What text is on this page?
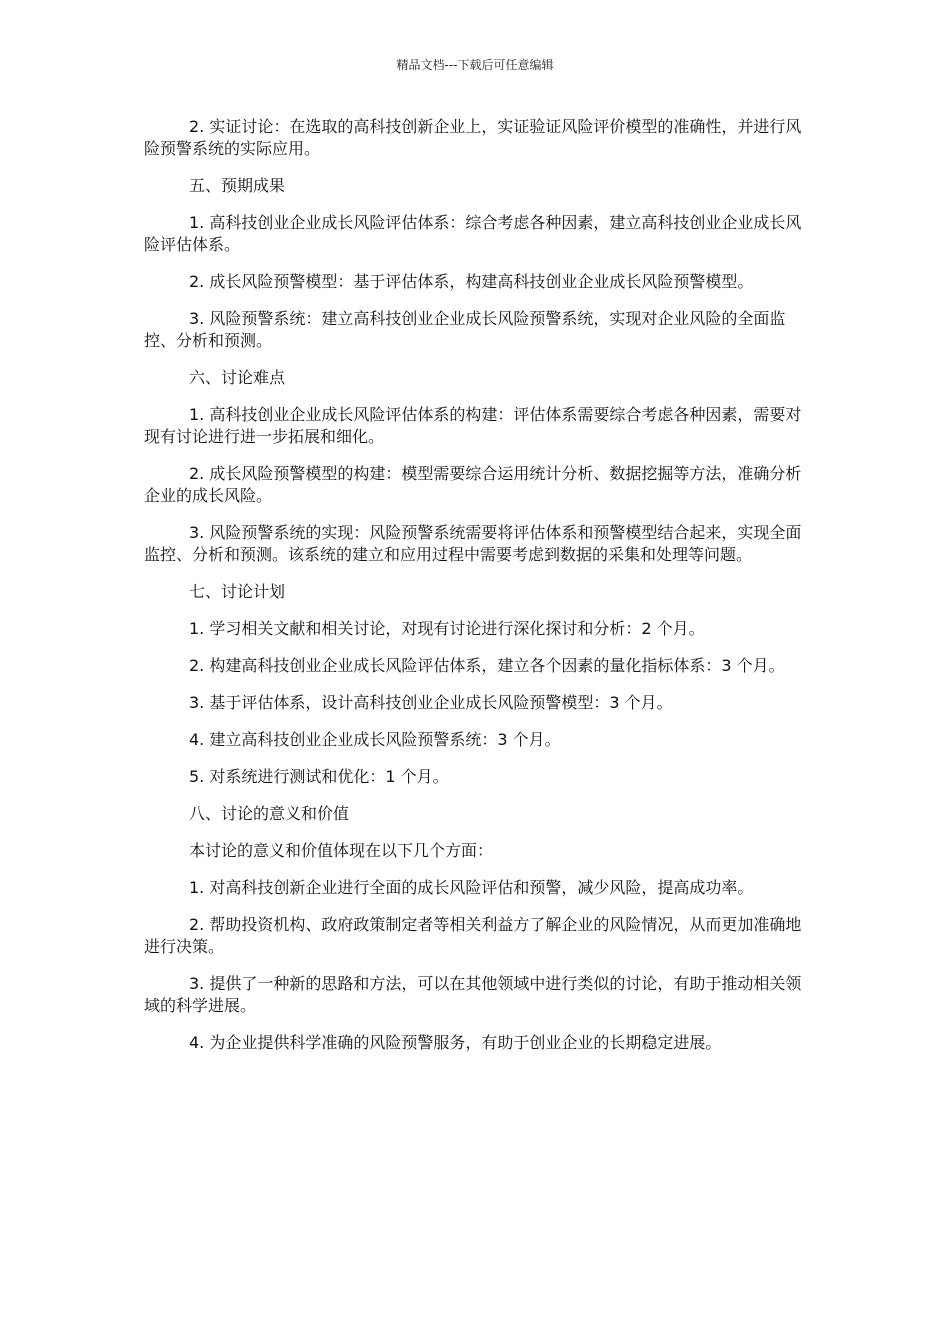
精品文档---下载后可任意编辑

2. 实证讨论：在选取的高科技创新企业上，实证验证风险评价模型的准确性，并进行风险预警系统的实际应用。

五、预期成果

1. 高科技创业企业成长风险评估体系：综合考虑各种因素，建立高科技创业企业成长风险评估体系。

2. 成长风险预警模型：基于评估体系，构建高科技创业企业成长风险预警模型。

3. 风险预警系统：建立高科技创业企业成长风险预警系统，实现对企业风险的全面监控、分析和预测。

六、讨论难点

1. 高科技创业企业成长风险评估体系的构建：评估体系需要综合考虑各种因素，需要对现有讨论进行进一步拓展和细化。

2. 成长风险预警模型的构建：模型需要综合运用统计分析、数据挖掘等方法，准确分析企业的成长风险。

3. 风险预警系统的实现：风险预警系统需要将评估体系和预警模型结合起来，实现全面监控、分析和预测。该系统的建立和应用过程中需要考虑到数据的采集和处理等问题。

七、讨论计划

1. 学习相关文献和相关讨论，对现有讨论进行深化探讨和分析：2 个月。

2. 构建高科技创业企业成长风险评估体系，建立各个因素的量化指标体系：3 个月。

3. 基于评估体系，设计高科技创业企业成长风险预警模型：3 个月。

4. 建立高科技创业企业成长风险预警系统：3 个月。

5. 对系统进行测试和优化：1 个月。

八、讨论的意义和价值

本讨论的意义和价值体现在以下几个方面：

1. 对高科技创新企业进行全面的成长风险评估和预警，减少风险，提高成功率。

2. 帮助投资机构、政府政策制定者等相关利益方了解企业的风险情况，从而更加准确地进行决策。

3. 提供了一种新的思路和方法，可以在其他领域中进行类似的讨论，有助于推动相关领域的科学进展。

4. 为企业提供科学准确的风险预警服务，有助于创业企业的长期稳定进展。
